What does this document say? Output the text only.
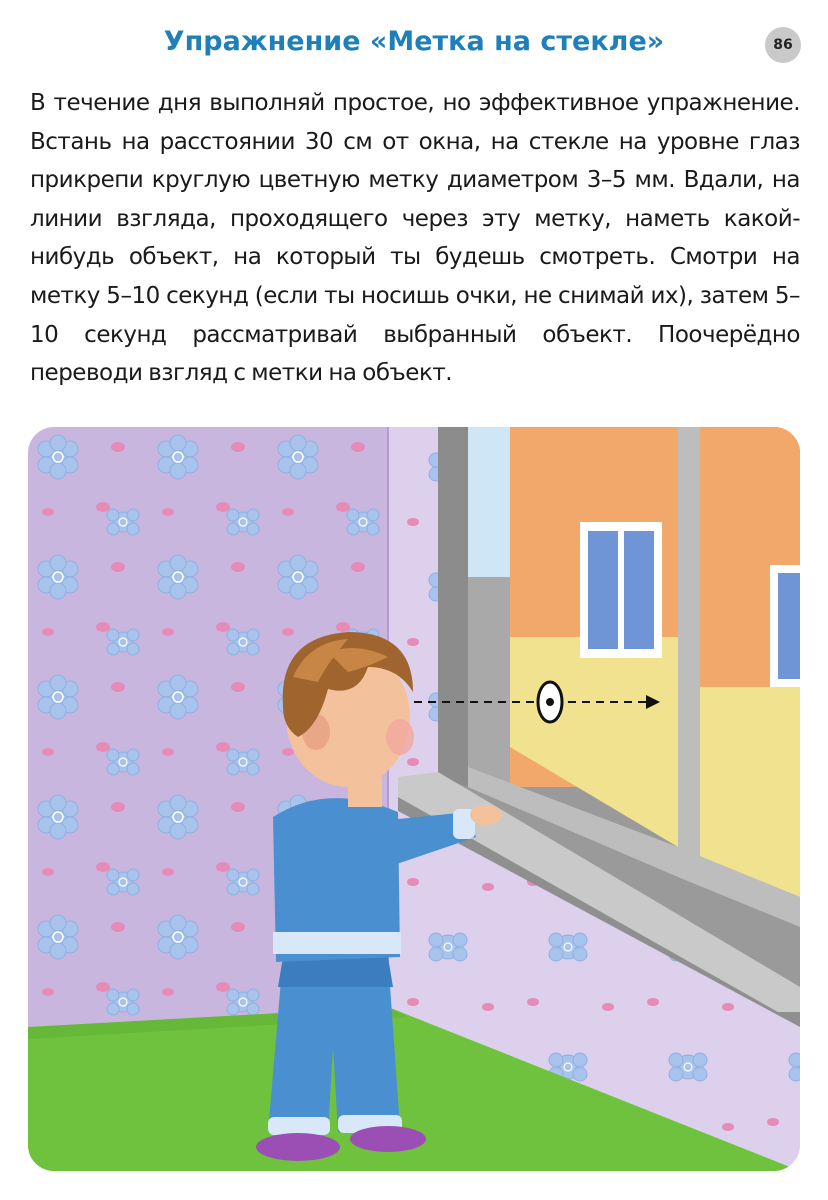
Упражнение «Метка на стекле»	86
В течение дня выполняй простое, но эффективное упражнение. Встань на расстоянии 30 см от окна, на стекле на уровне глаз прикрепи круглую цветную метку диаметром 3–5 мм. Вдали, на линии взгляда, проходящего через эту метку, наметь какой-нибудь объект, на который ты будешь смотреть. Смотри на метку 5–10 секунд (если ты носишь очки, не снимай их), затем 5–10 секунд рассматривай выбранный объект. Поочерёдно переводи взгляд с метки на объект.
